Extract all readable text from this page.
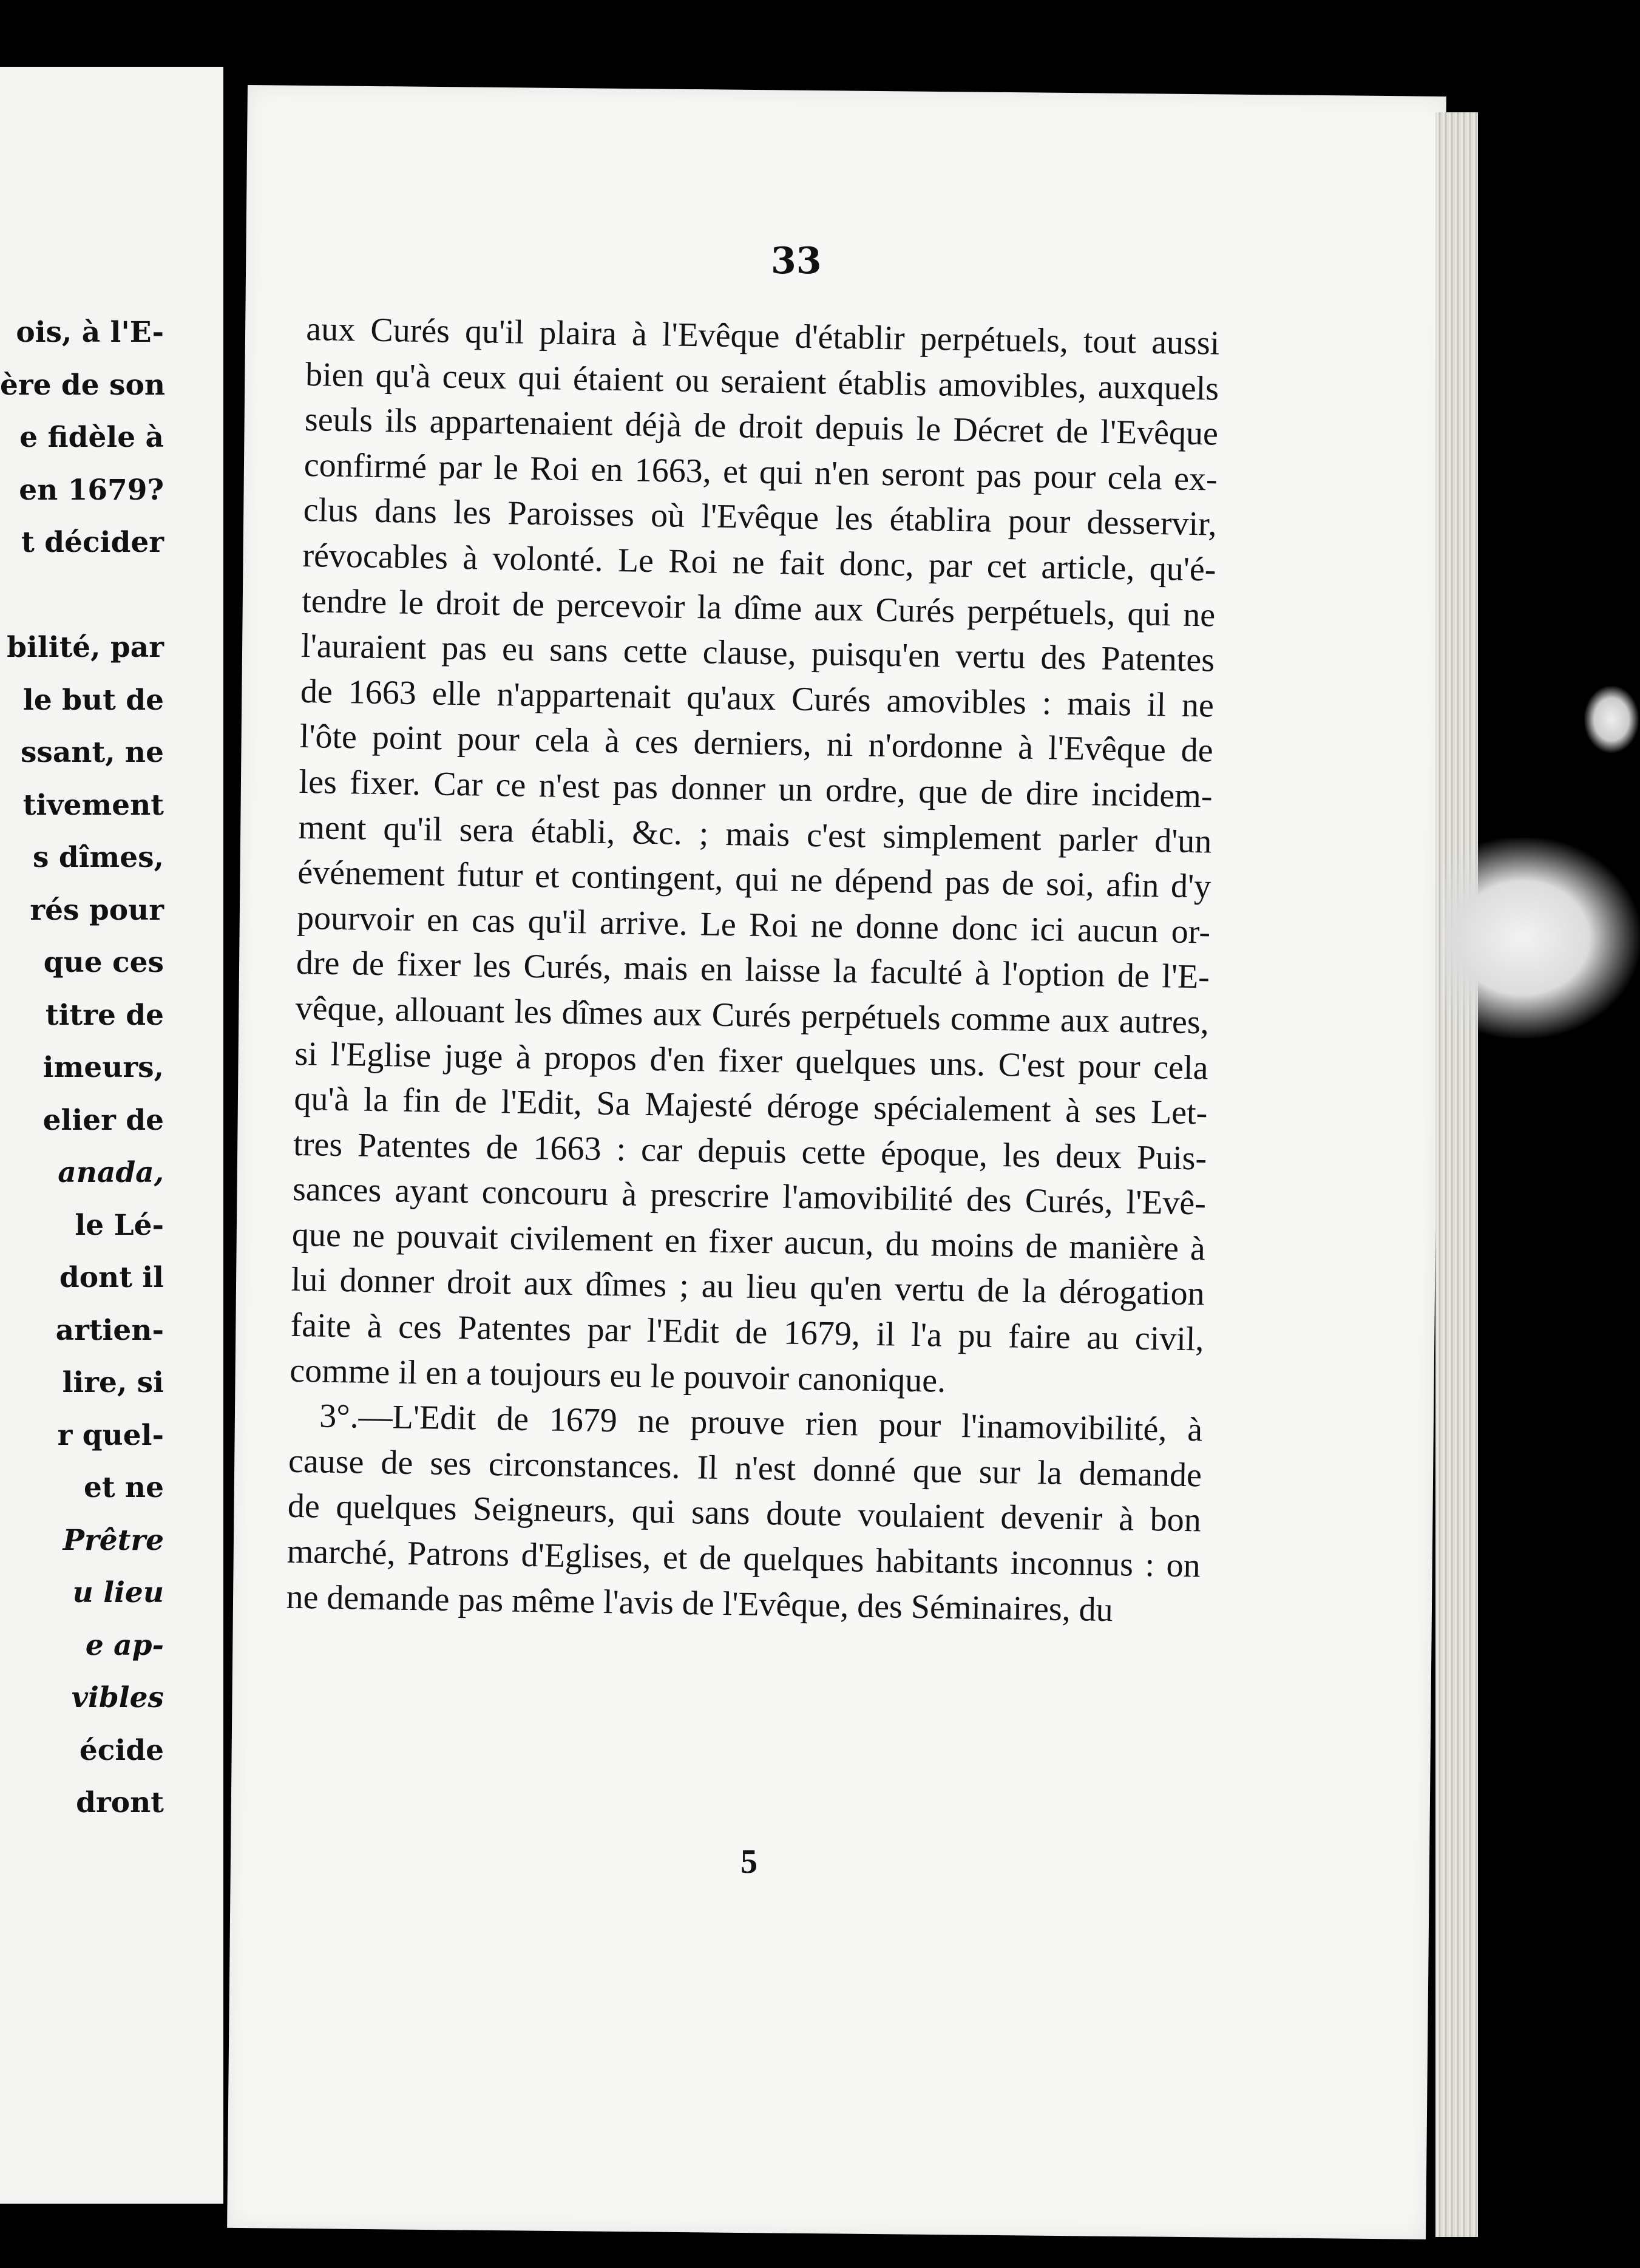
ois, à l'E-
ère de son
e fidèle à
en 1679?
t décider
bilité, par
le but de
ssant, ne
tivement
s dîmes,
rés pour
que ces
titre de
imeurs,
elier de
anada,
le Lé-
dont il
artien-
lire, si
r quel-
et ne
Prêtre
u lieu
e ap-
vibles
écide
dront
33
aux Curés qu'il plaira à l'Evêque d'établir perpétuels, tout aussi
bien qu'à ceux qui étaient ou seraient établis amovibles, auxquels
seuls ils appartenaient déjà de droit depuis le Décret de l'Evêque
confirmé par le Roi en 1663, et qui n'en seront pas pour cela ex-
clus dans les Paroisses où l'Evêque les établira pour desservir,
révocables à volonté. Le Roi ne fait donc, par cet article, qu'é-
tendre le droit de percevoir la dîme aux Curés perpétuels, qui ne
l'auraient pas eu sans cette clause, puisqu'en vertu des Patentes
de 1663 elle n'appartenait qu'aux Curés amovibles : mais il ne
l'ôte point pour cela à ces derniers, ni n'ordonne à l'Evêque de
les fixer. Car ce n'est pas donner un ordre, que de dire incidem-
ment qu'il sera établi, &c. ; mais c'est simplement parler d'un
événement futur et contingent, qui ne dépend pas de soi, afin d'y
pourvoir en cas qu'il arrive. Le Roi ne donne donc ici aucun or-
dre de fixer les Curés, mais en laisse la faculté à l'option de l'E-
vêque, allouant les dîmes aux Curés perpétuels comme aux autres,
si l'Eglise juge à propos d'en fixer quelques uns. C'est pour cela
qu'à la fin de l'Edit, Sa Majesté déroge spécialement à ses Let-
tres Patentes de 1663 : car depuis cette époque, les deux Puis-
sances ayant concouru à prescrire l'amovibilité des Curés, l'Evê-
que ne pouvait civilement en fixer aucun, du moins de manière à
lui donner droit aux dîmes ; au lieu qu'en vertu de la dérogation
faite à ces Patentes par l'Edit de 1679, il l'a pu faire au civil,
comme il en a toujours eu le pouvoir canonique.
3°.—L'Edit de 1679 ne prouve rien pour l'inamovibilité, à
cause de ses circonstances. Il n'est donné que sur la demande
de quelques Seigneurs, qui sans doute voulaient devenir à bon
marché, Patrons d'Eglises, et de quelques habitants inconnus : on
ne demande pas même l'avis de l'Evêque, des Séminaires, du
5
